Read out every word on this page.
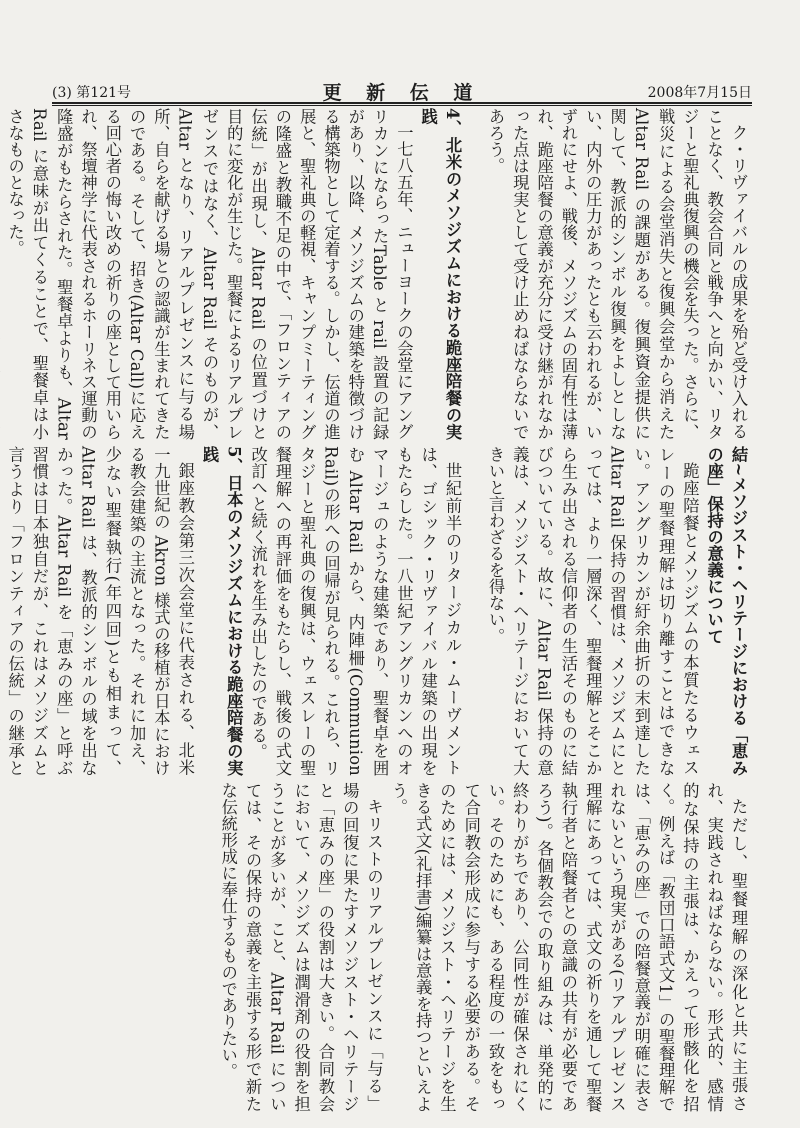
(3) 第121号	更 新 伝 道	2008年7月15日

ク・リヴァイバルの成果を殆ど受け入れることなく、教会合同と戦争へと向かい、リタジーと聖礼典復興の機会を失った。さらに、戦災による会堂消失と復興会堂から消えた Altar Rail の課題がある。復興資金提供に関して、教派的シンボル復興をよしとしない、内外の圧力があったとも云われるが、いずれにせよ、戦後、メソジズムの固有性は薄れ、跪座陪餐の意義が充分に受け継がれなかった点は現実として受け止めねばならないであろう。

4、北米のメソジズムにおける跪座陪餐の実践

一七八五年、ニューヨークの会堂にアングリカンにならったTable と rail 設置の記録があり、以降、メソジズムの建築を特徴づける構築物として定着する。しかし、伝道の進展と、聖礼典の軽視、キャンプミーティングの隆盛と教職不足の中で、「フロンティアの伝統」が出現し、Altar Rail の位置づけと目的に変化が生じた。聖餐によるリアルプレゼンスではなく、Altar Rail そのものが、Altar となり、リアルプレゼンスに与る場所、自らを献げる場との認識が生まれてきたのである。そして、招き(Altar Call)に応える回心者の悔い改めの祈りの座として用いられ、祭壇神学に代表されるホーリネス運動の隆盛がもたらされた。聖餐卓よりも、Altar Rail に意味が出てくることで、聖餐卓は小さなものとなった。

結~メソジスト・ヘリテージにおける「恵みの座」保持の意義について

跪座陪餐とメソジズムの本質たるウェスレーの聖餐理解は切り離すことはできない。アングリカンが紆余曲折の末到達した Altar Rail 保持の習慣は、メソジズムにとっては、より一層深く、聖餐理解とそこから生み出される信仰者の生活そのものに結びついている。故に、Altar Rail 保持の意義は、メソジスト・ヘリテージにおいて大きいと言わざるを得ない。

世紀前半のリタージカル・ムーヴメントは、ゴシック・リヴァイバル建築の出現をもたらした。一八世紀アングリカンへのオマージュのような建築であり、聖餐卓を囲む Altar Rail から、内陣柵(Communion Rail)の形への回帰が見られる。これら、リタジーと聖礼典の復興は、ウェスレーの聖餐理解への再評価をもたらし、戦後の式文改訂へと続く流れを生み出したのである。

5、日本のメソジズムにおける跪座陪餐の実践

銀座教会第三次会堂に代表される、北米一九世紀の Akron 様式の移植が日本における教会建築の主流となった。それに加え、少ない聖餐執行(年四回)とも相まって、Altar Rail は、教派的シンボルの域を出なかった。Altar Rail を「恵みの座」と呼ぶ習慣は日本独自だが、これはメソジズムと言うより「フロンティアの伝統」の継承と

ただし、聖餐理解の深化と共に主張され、実践されねばならない。形式的、感情的な保持の主張は、かえって形骸化を招く。例えば「教団口語式文1」の聖餐理解では、「恵みの座」での陪餐意義が明確に表されないという現実がある(リアルプレゼンス理解にあっては、式文の祈りを通して聖餐執行者と陪餐者との意識の共有が必要であろう)。各個教会での取り組みは、単発的に終わりがちであり、公同性が確保されにくい。そのためにも、ある程度の一致をもって合同教会形成に参与する必要がある。そのためには、メソジスト・ヘリテージを生きる式文(礼拝書)編纂は意義を持つといえよう。

キリストのリアルプレゼンスに「与る」場の回復に果たすメソジスト・ヘリテージと「恵みの座」の役割は大きい。合同教会において、メソジズムは潤滑剤の役割を担うことが多いが、こと、Altar Rail については、その保持の意義を主張する形で新たな伝統形成に奉仕するものでありたい。
